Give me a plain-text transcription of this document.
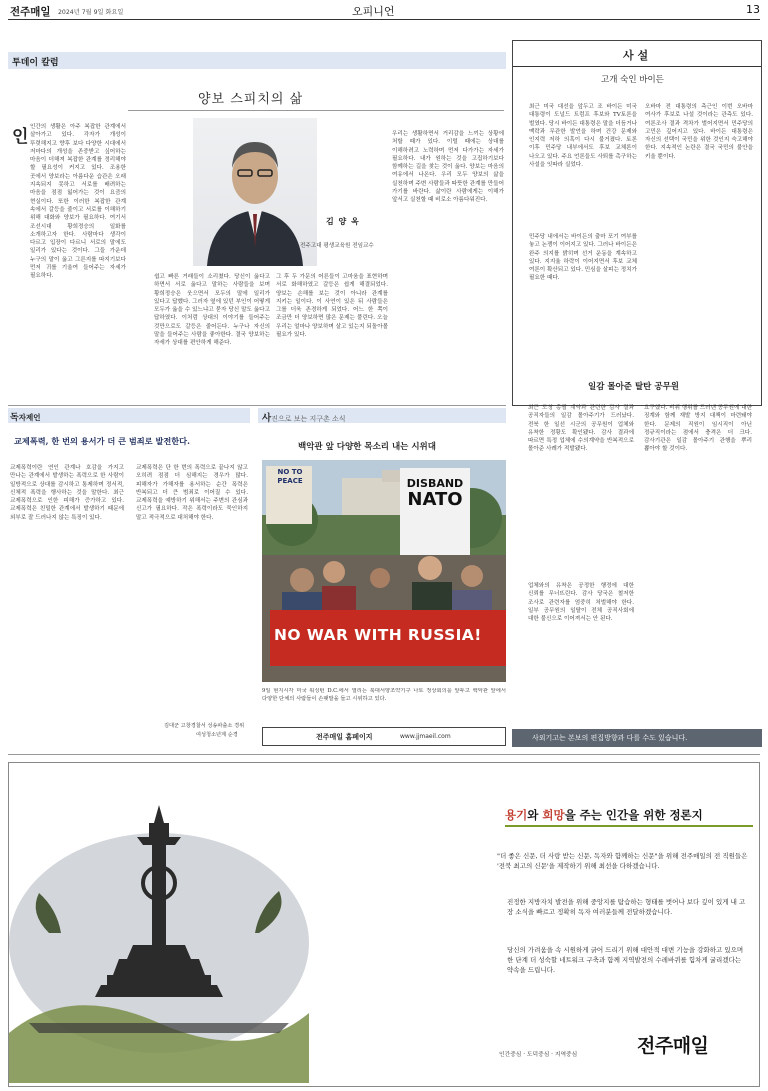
전주매일 2024년 7월 9일 화요일	오피니언	13
투데이 칼럼
양보 스피치의 삶
인 인간의 생활은 아주 복잡한 관계에서 살아가고 있다. 각자가 개성이 뚜렷해지고 향후 보다 다양한 시대에서 저마다의 개성을 존중받고 싶어하는 마음이 더해져 복잡한 관계를 정리해야 할 필요성이 커지고 있다. 조용한 곳에서 양보라는 아름다운 습관은 오래 지속되지 못하고 서로를 배려하는 마음을 점점 잃어가는 것이 요즘의 현실이다. 또한 이러한 복잡한 관계 속에서 갈등을 줄이고 서로를 이해하기 위해 대화와 양보가 필요하다. 여기서 조선시대 황희정승의 일화를 소개하고자 한다. 사람마다 생각이 다르고 입장이 다르니 서로의 말에도 일리가 있다는 것이다. 그들 가운데 누구의 말이 옳고 그른지를 따지기보다 먼저 귀를 기울여 들어주는 자세가 필요하다.
김 양 옥
전주고대 평생교육원 전임교수
쉽고 빠른 거래들이 소리쳤다. 당신이 옳다고 하면서 서로 옳다고 말하는 사람들을 보며 황희정승은 웃으면서 모두의 말에 일리가 있다고 답했다. 그러자 옆에 있던 부인이 어떻게 모두가 옳을 수 있느냐고 묻자 당신 말도 옳다고 답하였다. 이처럼 상대의 이야기를 들어주는 것만으로도 갈등은 줄어든다. 누구나 자신의 말을 들어주는 사람을 좋아한다. 결국 양보하는 자세가 상대를 편안하게 해준다.
그 후 두 가문의 어른들이 고마움을 표현하며 서로 화해하였고 갈등은 쉽게 해결되었다. 양보는 손해를 보는 것이 아니라 관계를 지키는 일이다. 이 사연이 있은 뒤 사람들은 그를 더욱 존경하게 되었다. 어느 한 쪽이 조금만 더 양보하면 많은 문제는 풀린다. 오늘 우리는 얼마나 양보하며 살고 있는지 되돌아볼 필요가 있다.
우리는 생활하면서 거리감을 느끼는 상황에 처할 때가 있다. 이럴 때에는 상대를 이해하려고 노력하며 먼저 다가가는 자세가 필요하다. 내가 원하는 것을 고집하기보다 함께하는 길을 찾는 것이 옳다. 양보는 마음의 여유에서 나온다. 우리 모두 양보의 삶을 실천하며 주변 사람들과 따뜻한 관계를 만들어 가기를 바란다. 삶이란 사람에게는 이해가 앞서고 실천할 때 비로소 아름다워진다.
사 설
고개 숙인 바이든
최근 미국 대선을 앞두고 조 바이든 미국 대통령이 도널드 트럼프 후보와 TV토론을 벌였다. 당시 바이든 대통령은 말을 더듬거나 맥락과 무관한 발언을 하며 건강 문제와 인지력 저하 의혹이 다시 불거졌다. 토론 이후 민주당 내부에서도 후보 교체론이 나오고 있다. 주요 언론들도 사퇴를 촉구하는 사설을 잇따라 실었다.
민주당 내에서는 바이든의 출마 포기 여부를 놓고 논쟁이 이어지고 있다. 그러나 바이든은 완주 의지를 밝히며 선거 운동을 계속하고 있다. 지지율 하락이 이어지면서 후보 교체 여론이 확산되고 있다. 민심을 살피는 정치가 필요한 때다.
오바마 전 대통령의 측근인 이번 오바마 여사가 후보로 나설 것이라는 관측도 있다. 여론조사 결과 격차가 벌어지면서 민주당의 고민은 깊어지고 있다. 바이든 대통령은 자신의 선택이 국민을 위한 것인지 숙고해야 한다. 지속적인 논란은 결국 국민의 불안을 키울 뿐이다.
일감 몰아준 탈탄 공무원
최근 도청 총괄 계약과 관련한 감사 결과 공직자들의 일감 몰아주기가 드러났다. 전북 한 일선 시군의 공무원이 업체와 유착한 정황도 확인됐다. 감사 결과에 따르면 특정 업체에 수의계약을 반복적으로 몰아준 사례가 적발됐다.
업체와의 유착은 공정한 행정에 대한 신뢰를 무너뜨린다. 감사 당국은 철저한 조사로 관련자를 엄중히 처벌해야 한다. 일부 공무원의 일탈이 전체 공직사회에 대한 불신으로 이어져서는 안 된다.
요구했다. 비위 행위를 드러낸 공무원에 대한 징계와 함께 재발 방지 대책이 마련돼야 한다. 문제의 직원이 임시직이 아닌 정규직이라는 점에서 충격은 더 크다. 감사기관은 일감 몰아주기 관행을 뿌리 뽑아야 할 것이다.
독자제언
교제폭력, 한 번의 용서가 더 큰 범죄로 발전한다.
교제폭력이란 연인 관계나 호감을 가지고 만나는 관계에서 발생하는 폭력으로 한 사람이 일방적으로 상대를 감시하고 통제하며 정서적, 신체적 폭력을 행사하는 것을 말한다. 최근 교제폭력으로 인한 피해가 증가하고 있다. 교제폭력은 친밀한 관계에서 발생하기 때문에 외부로 잘 드러나지 않는 특징이 있다.
교제폭력은 단 한 번의 폭력으로 끝나지 않고 오히려 점점 더 심해지는 경우가 많다. 피해자가 가해자를 용서하는 순간 폭력은 반복되고 더 큰 범죄로 이어질 수 있다. 교제폭력을 예방하기 위해서는 주변의 관심과 신고가 필요하다. 작은 폭력이라도 묵인하지 말고 적극적으로 대처해야 한다.
김대군 고창경찰서 성송파출소 경위
여성청소년계 순경
사진으로 보는 지구촌 소식
백악관 앞 다양한 목소리 내는 시위대
NO TO
PEACE	DISBAND
NATO
NO WAR WITH RUSSIA!
9일 현지시각 미국 워싱턴 D.C.에서 열리는 북대서양조약기구 나토 정상회의를 앞두고 백악관 앞에서 다양한 단체의 사람들이 손팻말을 들고 시위하고 있다.
전주매일 홈페이지	www.jjmaeil.com	사외기고는 본보의 편집방향과 다를 수도 있습니다.
용기와 희망을 주는 인간을 위한 정론지
"더 좋은 신문, 더 사랑 받는 신문, 독자와 함께하는 신문"을 위해 전주매일의 전 직원들은 '전북 최고의 신문'을 제작하기 위해 최선을 다하겠습니다.
진정한 지방자치 발전을 위해 중앙지를 탐습하는 형태를 벗어나 보다 깊이 있게 내 고장 소식을 빠르고 정확히 독자 여러분들께 전달하겠습니다.
당신의 가려움을 속 시원하게 긁어 드리기 위해 대안적 대변 기능을 강화하고 있으며 한 단계 더 성숙할 네트워크 구축과 함께 지역발전의 수레바퀴를 힘차게 굴리겠다는 약속을 드립니다.
인간중심 · 도덕중심 · 지역중심	전주매일
